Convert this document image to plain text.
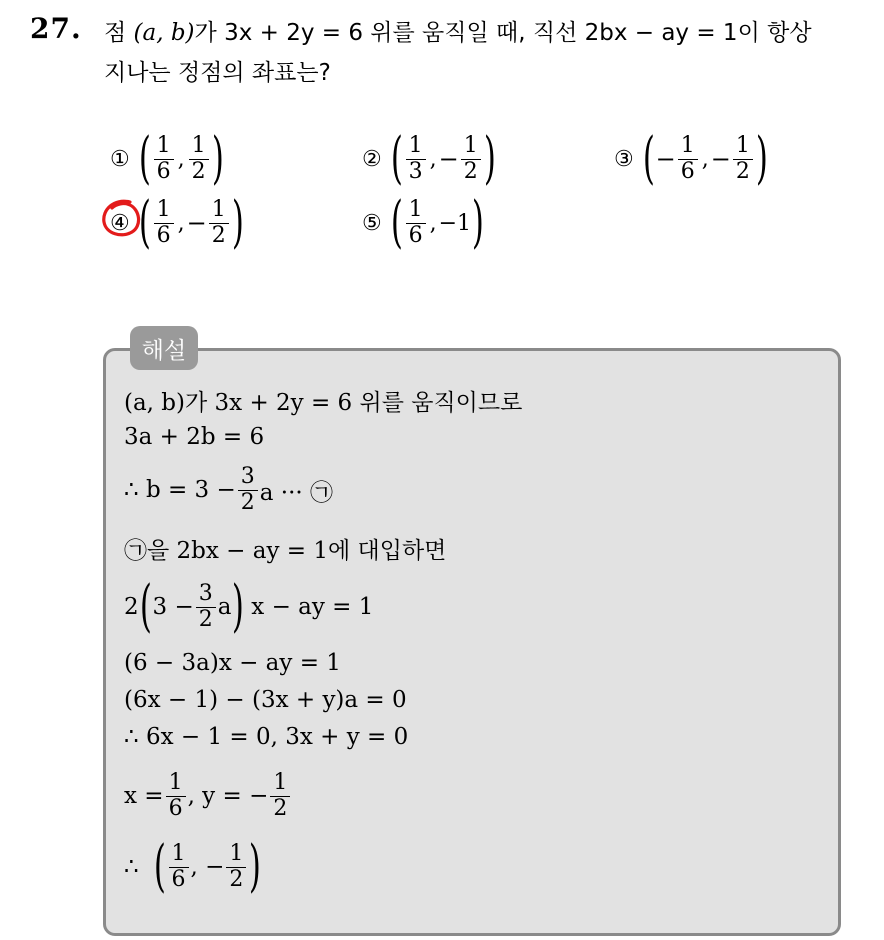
27. 점 (a, b)가 3x + 2y = 6 위를 움직일 때, 직선 2bx − ay = 1이 항상
지나는 정점의 좌표는?
① ( $\frac{1}{6}$ , $\frac{1}{2}$ )	② ( $\frac{1}{3}$ , − $\frac{1}{2}$ )	③ ( − $\frac{1}{6}$ , − $\frac{1}{2}$ )
④ ( $\frac{1}{6}$ , − $\frac{1}{2}$ )	⑤ ( $\frac{1}{6}$ , −1 )
해설
(a, b)가 3x + 2y = 6 위를 움직이므로
3a + 2b = 6
∴ $b = 3 - \frac{3}{2}$ a ··· ㉠
㉠을 2bx − ay = 1에 대입하면
2 ( $3 - \frac{3}{2}$ a ) x − ay = 1
(6 − 3a)x − ay = 1
(6x − 1) − (3x + y)a = 0
∴ 6x − 1 = 0, 3x + y = 0
$x = \frac{1}{6}$ , y = − $\frac{1}{2}$
∴ ( $\frac{1}{6}$ , − $\frac{1}{2}$ )
